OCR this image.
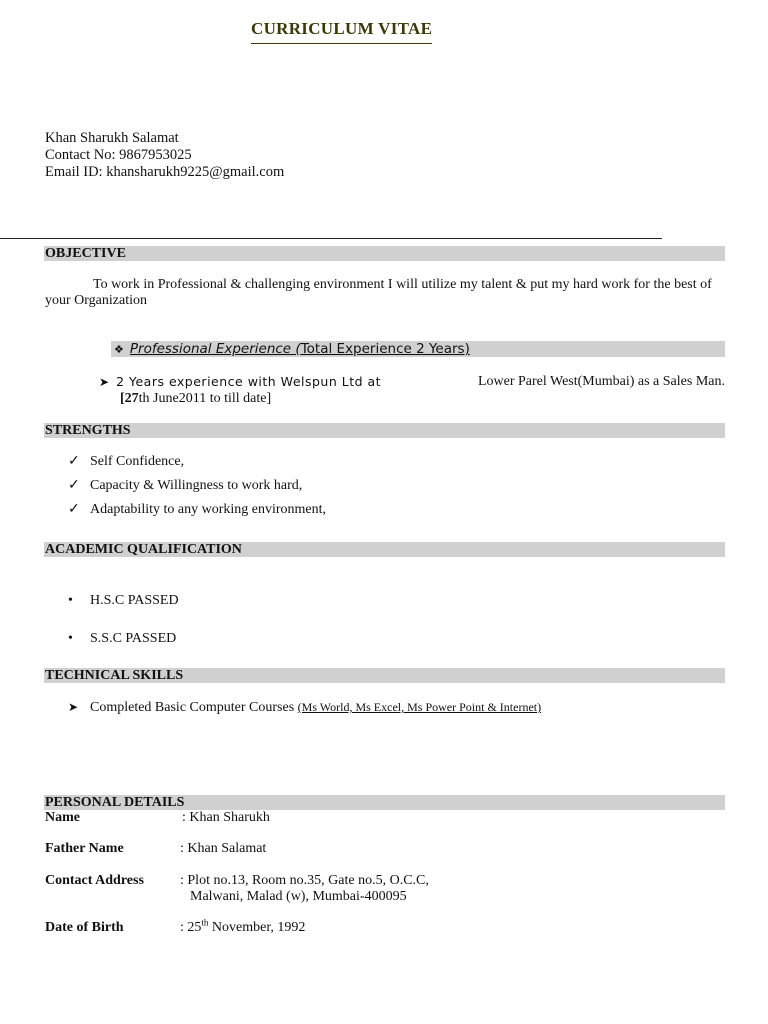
CURRICULUM VITAE
Khan Sharukh Salamat
Contact No: 9867953025
Email ID: khansharukh9225@gmail.com
OBJECTIVE
To work in Professional & challenging environment I will utilize my talent & put my hard work for the best of your Organization
❖ Professional Experience (Total Experience 2 Years)
➤ 2 Years experience with Welspun Ltd at	Lower Parel West(Mumbai) as a Sales Man.
[27th June2011 to till date]
STRENGTHS
✓ Self Confidence,
✓ Capacity & Willingness to work hard,
✓ Adaptability to any working environment,
ACADEMIC QUALIFICATION
• H.S.C PASSED
• S.S.C PASSED
TECHNICAL SKILLS
➤ Completed Basic Computer Courses (Ms World, Ms Excel, Ms Power Point & Internet)
PERSONAL DETAILS
Name	: Khan Sharukh
Father Name	: Khan Salamat
Contact Address	: Plot no.13, Room no.35, Gate no.5, O.C.C,
Malwani, Malad (w), Mumbai-400095
Date of Birth	: 25th November, 1992
